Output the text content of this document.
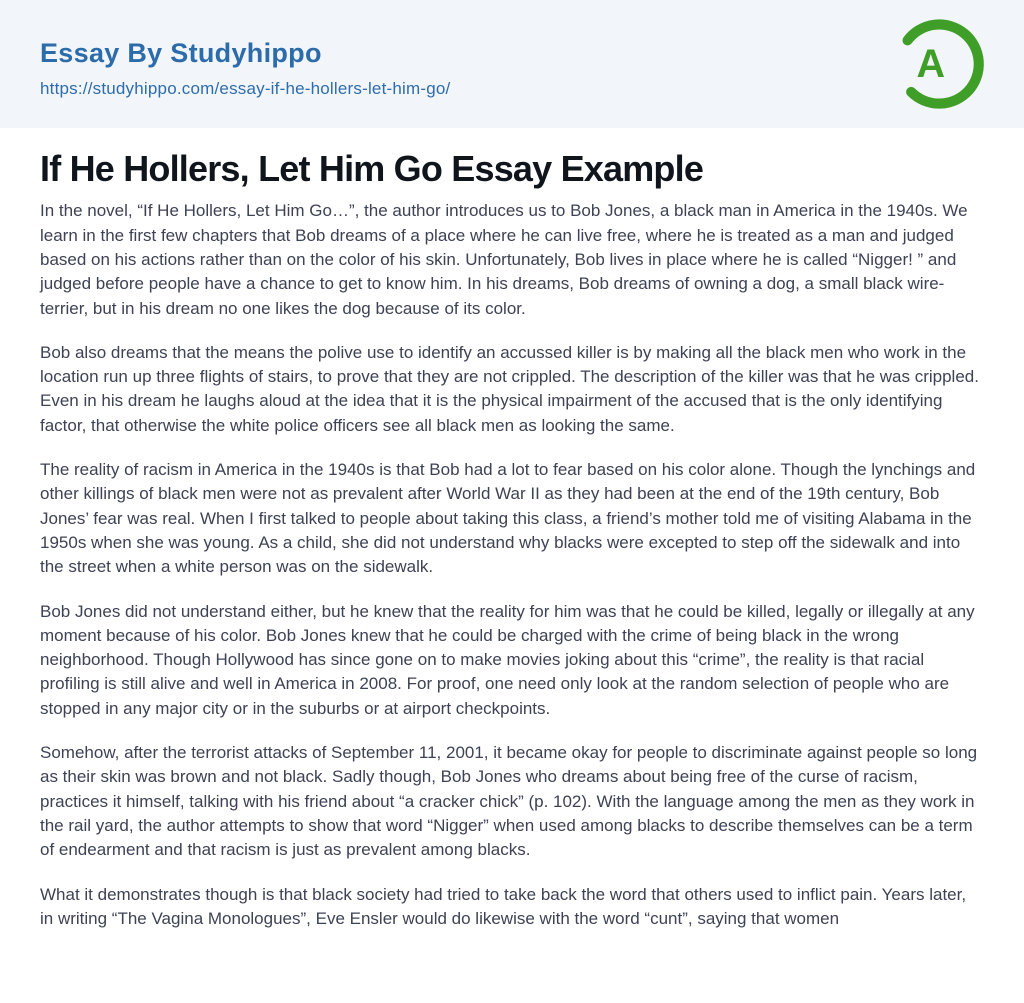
Essay By Studyhippo
https://studyhippo.com/essay-if-he-hollers-let-him-go/
A
If He Hollers, Let Him Go Essay Example

In the novel, “If He Hollers, Let Him Go…”, the author introduces us to Bob Jones, a black man in America in the 1940s. We learn in the first few chapters that Bob dreams of a place where he can live free, where he is treated as a man and judged based on his actions rather than on the color of his skin. Unfortunately, Bob lives in place where he is called “Nigger! ” and judged before people have a chance to get to know him. In his dreams, Bob dreams of owning a dog, a small black wire-terrier, but in his dream no one likes the dog because of its color.

Bob also dreams that the means the polive use to identify an accussed killer is by making all the black men who work in the location run up three flights of stairs, to prove that they are not crippled. The description of the killer was that he was crippled. Even in his dream he laughs aloud at the idea that it is the physical impairment of the accused that is the only identifying factor, that otherwise the white police officers see all black men as looking the same.

The reality of racism in America in the 1940s is that Bob had a lot to fear based on his color alone. Though the lynchings and other killings of black men were not as prevalent after World War II as they had been at the end of the 19th century, Bob Jones’ fear was real. When I first talked to people about taking this class, a friend’s mother told me of visiting Alabama in the 1950s when she was young. As a child, she did not understand why blacks were excepted to step off the sidewalk and into the street when a white person was on the sidewalk.

Bob Jones did not understand either, but he knew that the reality for him was that he could be killed, legally or illegally at any moment because of his color. Bob Jones knew that he could be charged with the crime of being black in the wrong neighborhood. Though Hollywood has since gone on to make movies joking about this “crime”, the reality is that racial profiling is still alive and well in America in 2008. For proof, one need only look at the random selection of people who are stopped in any major city or in the suburbs or at airport checkpoints.

Somehow, after the terrorist attacks of September 11, 2001, it became okay for people to discriminate against people so long as their skin was brown and not black. Sadly though, Bob Jones who dreams about being free of the curse of racism, practices it himself, talking with his friend about “a cracker chick” (p. 102). With the language among the men as they work in the rail yard, the author attempts to show that word “Nigger” when used among blacks to describe themselves can be a term of endearment and that racism is just as prevalent among blacks.

What it demonstrates though is that black society had tried to take back the word that others used to inflict pain. Years later, in writing “The Vagina Monologues”, Eve Ensler would do likewise with the word “cunt”, saying that women
